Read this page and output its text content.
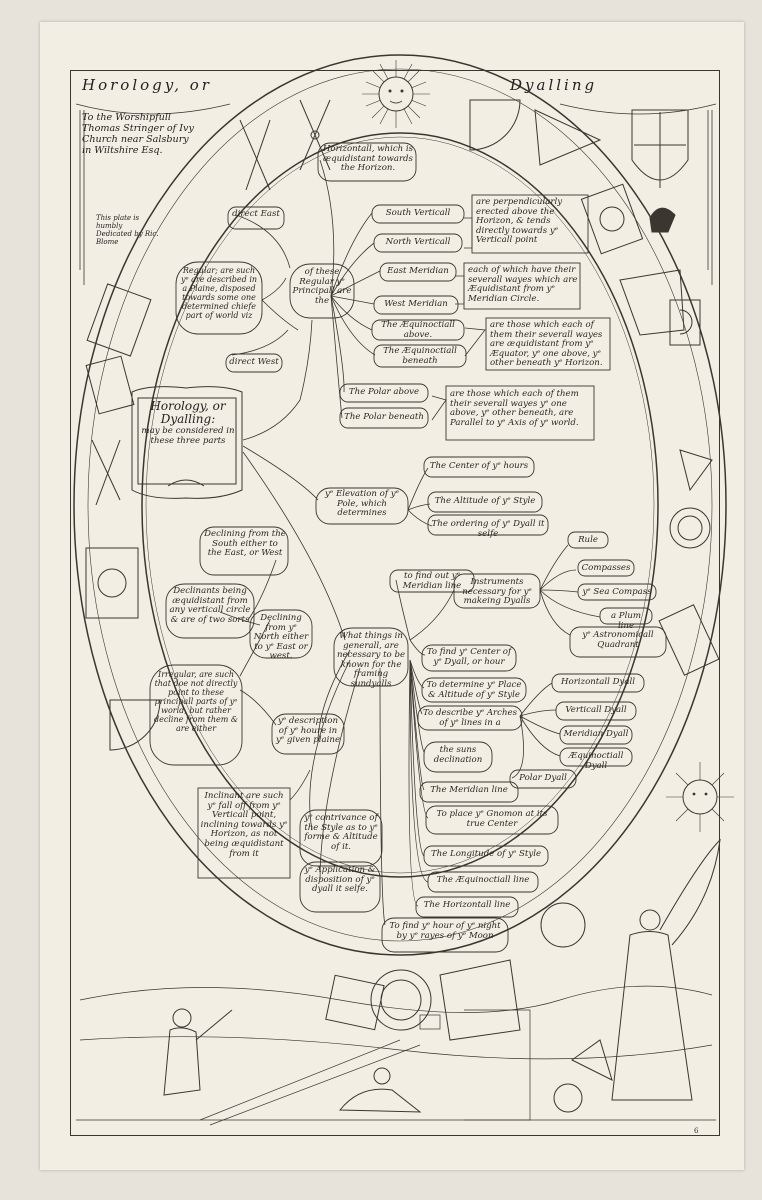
Horology, or	Dyalling
To the Worshipfull Thomas Stringer of Ivy Church near Salsbury in Wiltshire Esq.
This plate is humbly Dedicated by Ric. Blome
Horology, or Dyalling:
may be considered in these three parts
Horizontall, which is æquidistant towards the Horizon.
South Verticall
North Verticall
are perpendicularly erected above the Horizon, & tends directly towards yᵉ Verticall point
East Meridian
West Meridian
each of which have their severall wayes which are Æquidistant from yᵉ Meridian Circle.
The Æquinoctiall above.
The Æquinoctiall beneath
are those which each of them their severall wayes are æquidistant from yᵉ Æquator, yᵉ one above, yᵉ other beneath yᵉ Horizon.
The Polar above
The Polar beneath
are those which each of them their severall wayes yᵉ one above, yᵉ other beneath, are Parallel to yᵉ Axis of yᵉ world.
Regular; are such yᵉ are described in a Plaine, disposed towards some one determined chiefe part of world viz
direct East
direct West
of these Regular yᵉ Principall are the
yᵉ Elevation of yᵉ Pole, which determines
The Center of yᵉ hours
The Altitude of yᵉ Style
The ordering of yᵉ Dyall it selfe
Declining from the South either to the East, or West
Declinants being æquidistant from any verticall circle & are of two sorts	Declining from yᵉ North either to yᵉ East or west.
Irregular, are such that doe not directly point to these principall parts of yᵉ world, but rather decline from them & are either
yᵉ description of yᵉ houre in yᵉ given plaine
Inclinant are such yᵉ fall off from yᵉ Verticall point, inclining towards yᵉ Horizon, as not being æquidistant from it
yᵉ contrivance of the Style as to yᵉ forme & Altitude of it.
yᵉ Application & disposition of yᵉ dyall it selfe.
What things in generall, are necessary to be known for the framing sundyalls
to find out yᵉ Meridian line	Instruments necessary for yᵉ makeing Dyalls
Rule
Compasses
yᵉ Sea Compass
a Plum line
yᵉ Astronomicall Quadrant
To find yᵉ Center of yᵉ Dyall, or hour
To determine yᵉ Place & Altitude of yᵉ Style
To describe yᵉ Arches of yᵉ lines in a
Horizontall Dyall
Verticall Dyall
Meridian Dyall
Æquinoctiall Dyall
Polar Dyall
the suns declination
The Meridian line
To place yᵉ Gnomon at its true Center
The Longitude of yᵉ Style
The Æquinoctiall line
The Horizontall line
To find yᵉ hour of yᵉ night by yᵉ rayes of yᵉ Moon
6
